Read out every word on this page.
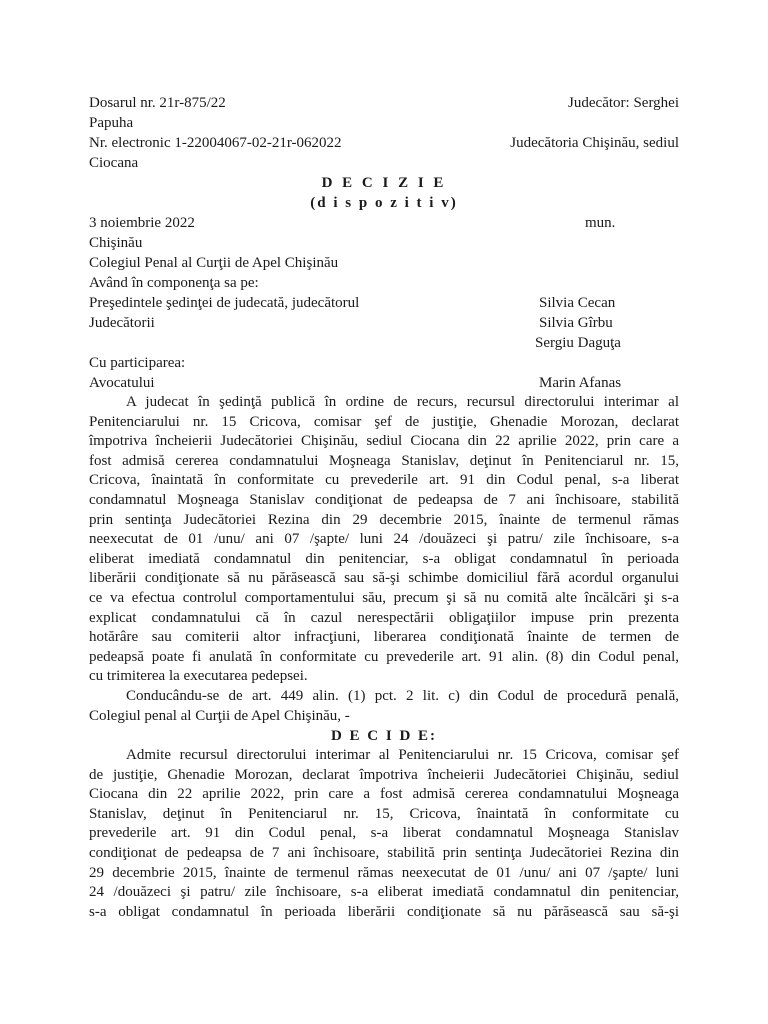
Dosarul nr. 21r-875/22	Judecător: Serghei
Papuha
Nr. electronic 1-22004067-02-21r-062022	Judecătoria Chişinău, sediul
Ciocana
D E C I Z I E
(d i s p o z i t i v)
3 noiembrie 2022	mun.
Chişinău
Colegiul Penal al Curţii de Apel Chişinău
Având în componenţa sa pe:
Preşedintele şedinţei de judecată, judecătorul	Silvia Cecan
Judecătorii	Silvia Gîrbu
Sergiu Daguţa
Cu participarea:
Avocatului	Marin Afanas
A judecat în şedinţă publică în ordine de recurs, recursul directorului interimar al
Penitenciarului nr. 15 Cricova, comisar şef de justiţie, Ghenadie Morozan, declarat
împotriva încheierii Judecătoriei Chişinău, sediul Ciocana din 22 aprilie 2022, prin care a
fost admisă cererea condamnatului Moşneaga Stanislav, deţinut în Penitenciarul nr. 15,
Cricova, înaintată în conformitate cu prevederile art. 91 din Codul penal, s-a liberat
condamnatul Moşneaga Stanislav condiţionat de pedeapsa de 7 ani închisoare, stabilită
prin sentinţa Judecătoriei Rezina din 29 decembrie 2015, înainte de termenul rămas
neexecutat de 01 /unu/ ani 07 /şapte/ luni 24 /douăzeci şi patru/ zile închisoare, s-a
eliberat imediată condamnatul din penitenciar, s-a obligat condamnatul în perioada
liberării condiţionate să nu părăsească sau să-şi schimbe domiciliul fără acordul organului
ce va efectua controlul comportamentului său, precum şi să nu comită alte încălcări şi s-a
explicat condamnatului că în cazul nerespectării obligaţiilor impuse prin prezenta
hotărâre sau comiterii altor infracţiuni, liberarea condiţionată înainte de termen de
pedeapsă poate fi anulată în conformitate cu prevederile art. 91 alin. (8) din Codul penal,
cu trimiterea la executarea pedepsei.
Conducându-se de art. 449 alin. (1) pct. 2 lit. c) din Codul de procedură penală,
Colegiul penal al Curţii de Apel Chişinău, -
D E C I D E:
Admite recursul directorului interimar al Penitenciarului nr. 15 Cricova, comisar şef
de justiţie, Ghenadie Morozan, declarat împotriva încheierii Judecătoriei Chişinău, sediul
Ciocana din 22 aprilie 2022, prin care a fost admisă cererea condamnatului Moşneaga
Stanislav, deţinut în Penitenciarul nr. 15, Cricova, înaintată în conformitate cu
prevederile art. 91 din Codul penal, s-a liberat condamnatul Moşneaga Stanislav
condiţionat de pedeapsa de 7 ani închisoare, stabilită prin sentinţa Judecătoriei Rezina din
29 decembrie 2015, înainte de termenul rămas neexecutat de 01 /unu/ ani 07 /şapte/ luni
24 /douăzeci şi patru/ zile închisoare, s-a eliberat imediată condamnatul din penitenciar,
s-a obligat condamnatul în perioada liberării condiţionate să nu părăsească sau să-şi
